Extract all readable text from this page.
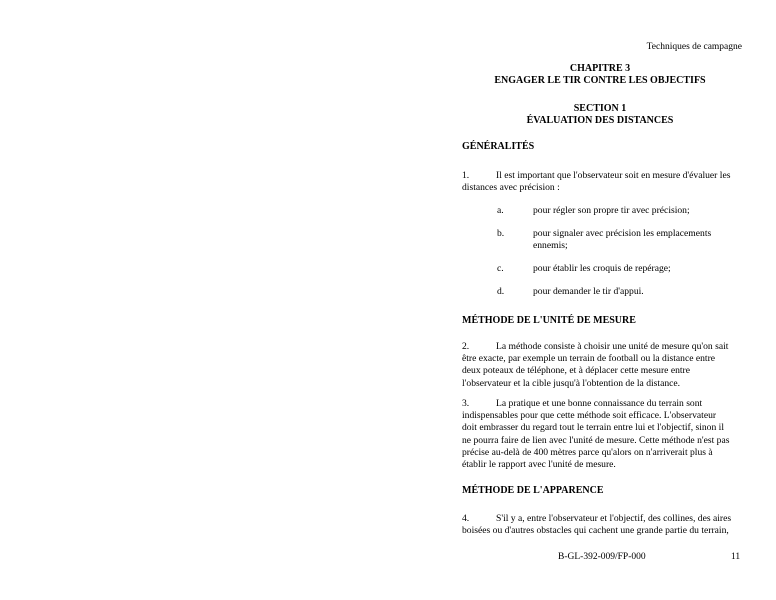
Techniques de campagne
CHAPITRE 3
ENGAGER LE TIR CONTRE LES OBJECTIFS
SECTION 1
ÉVALUATION DES DISTANCES
GÉNÉRALITÉS
1.	Il est important que l'observateur soit en mesure d'évaluer les
distances avec précision :
a.	pour régler son propre tir avec précision;
b.	pour signaler avec précision les emplacements
ennemis;
c.	pour établir les croquis de repérage;
d.	pour demander le tir d'appui.
MÉTHODE DE L'UNITÉ DE MESURE
2.	La méthode consiste à choisir une unité de mesure qu'on sait
être exacte, par exemple un terrain de football ou la distance entre
deux poteaux de téléphone, et à déplacer cette mesure entre
l'observateur et la cible jusqu'à l'obtention de la distance.
3.	La pratique et une bonne connaissance du terrain sont
indispensables pour que cette méthode soit efficace. L'observateur
doit embrasser du regard tout le terrain entre lui et l'objectif, sinon il
ne pourra faire de lien avec l'unité de mesure. Cette méthode n'est pas
précise au-delà de 400 mètres parce qu'alors on n'arriverait plus à
établir le rapport avec l'unité de mesure.
MÉTHODE DE L'APPARENCE
4.	S'il y a, entre l'observateur et l'objectif, des collines, des aires
boisées ou d'autres obstacles qui cachent une grande partie du terrain,
B-GL-392-009/FP-000	11
